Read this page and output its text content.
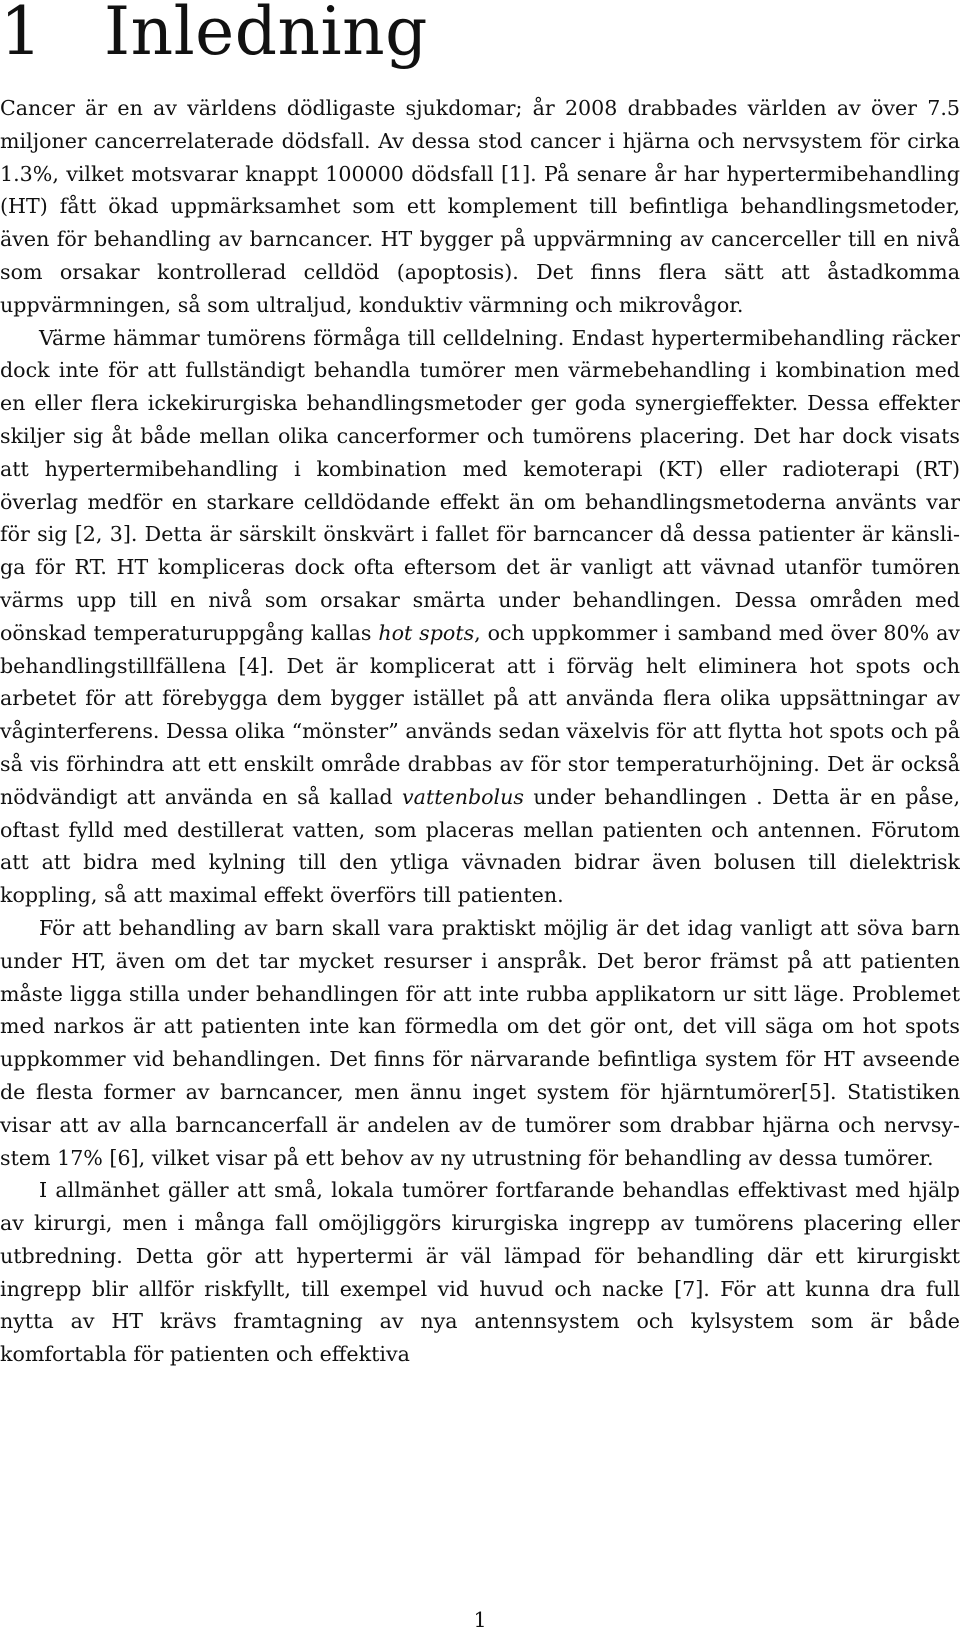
1 Inledning

Cancer är en av världens dödligaste sjukdomar; år 2008 drabbades världen av över 7.5 miljoner cancerrelaterade dödsfall. Av dessa stod cancer i hjärna och nervsystem för cirka 1.3%, vilket motsvarar knappt 100000 dödsfall [1]. På senare år har hypertermibehandling (HT) fått ökad uppmärksamhet som ett komplement till befintliga behandlingsmetoder, även för behandling av barncancer. HT bygger på uppvärmning av cancerceller till en nivå som orsakar kontrollerad celldöd (apoptosis). Det finns flera sätt att åstadkomma uppvärmningen, så som ultraljud, konduktiv värmning och mikrovågor.

Värme hämmar tumörens förmåga till celldelning. Endast hypertermibehandling räcker dock inte för att fullständigt behandla tumörer men värmebehandling i kombination med en eller flera ickekirurgiska behandlingsmetoder ger goda synergieffekter. Dessa effekter skiljer sig åt både mellan olika cancerformer och tumörens placering. Det har dock visats att hypertermibehandling i kombination med kemoterapi (KT) eller radioterapi (RT) överlag medför en starkare celldödande effekt än om behandlingsmetoderna använts var för sig [2, 3]. Detta är särskilt önskvärt i fallet för barncancer då dessa patienter är känsliga för RT. HT kompliceras dock ofta eftersom det är vanligt att vävnad utanför tumören värms upp till en nivå som orsakar smärta under behandlingen. Dessa områden med oönskad temperaturuppgång kallas hot spots, och uppkommer i samband med över 80% av behandlingstillfällena [4]. Det är komplicerat att i förväg helt eliminera hot spots och arbetet för att förebygga dem bygger istället på att använda flera olika uppsättningar av våginterferens. Dessa olika “mönster” används sedan växelvis för att flytta hot spots och på så vis förhindra att ett enskilt område drabbas av för stor temperaturhöjning. Det är också nödvändigt att använda en så kallad vattenbolus under behandlingen . Detta är en påse, oftast fylld med destillerat vatten, som placeras mellan patienten och antennen. Förutom att att bidra med kylning till den ytliga vävnaden bidrar även bolusen till dielektrisk koppling, så att maximal effekt överförs till patienten.

För att behandling av barn skall vara praktiskt möjlig är det idag vanligt att söva barn under HT, även om det tar mycket resurser i anspråk. Det beror främst på att patienten måste ligga stilla under behandlingen för att inte rubba applikatorn ur sitt läge. Problemet med narkos är att patienten inte kan förmedla om det gör ont, det vill säga om hot spots uppkommer vid behandlingen. Det finns för närvarande befintliga system för HT avseende de flesta former av barncancer, men ännu inget system för hjärntumörer[5]. Statistiken visar att av alla barncancerfall är andelen av de tumörer som drabbar hjärna och nervsystem 17% [6], vilket visar på ett behov av ny utrustning för behandling av dessa tumörer.

I allmänhet gäller att små, lokala tumörer fortfarande behandlas effektivast med hjälp av kirurgi, men i många fall omöjliggörs kirurgiska ingrepp av tumörens placering eller utbredning. Detta gör att hypertermi är väl lämpad för behandling där ett kirurgiskt ingrepp blir allför riskfyllt, till exempel vid huvud och nacke [7]. För att kunna dra full nytta av HT krävs framtagning av nya antennsystem och kylsystem som är både komfortabla för patienten och effektiva

1
